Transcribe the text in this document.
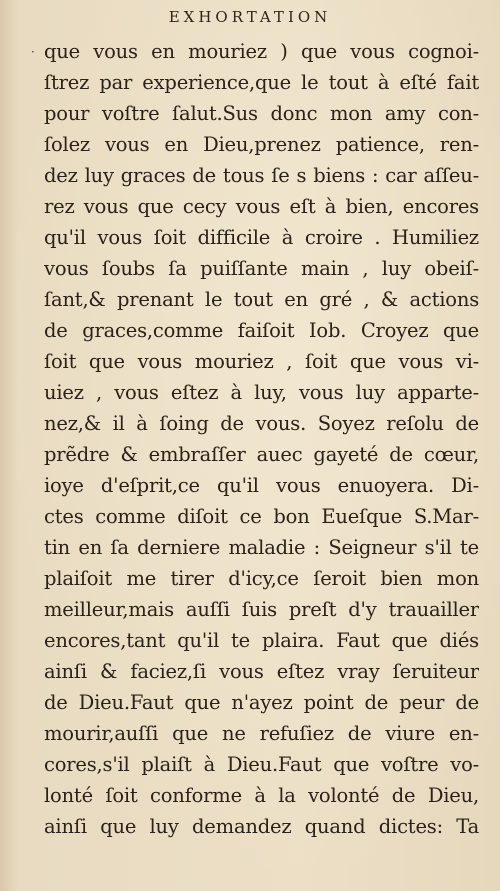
EXHORTATION
· que vous en mouriez ) que vous cognoi-
ſtrez par experience,que le tout à eſté fait
pour voſtre ſalut.Sus donc mon amy con-
ſolez vous en Dieu,prenez patience, ren-
dez luy graces de tous ſe s biens : car aſſeu-
rez vous que cecy vous eſt à bien, encores
qu'il vous ſoit difficile à croire . Humiliez
vous ſoubs ſa puiſſante main , luy obeiſ-
ſant,& prenant le tout en gré , & actions
de graces,comme faiſoit Iob. Croyez que
ſoit que vous mouriez , ſoit que vous vi-
uiez , vous eſtez à luy, vous luy apparte-
nez,& il à ſoing de vous. Soyez reſolu de
prẽdre & embraſſer auec gayeté de cœur,
ioye d'eſprit,ce qu'il vous enuoyera. Di-
ctes comme diſoit ce bon Eueſque S.Mar-
tin en ſa derniere maladie : Seigneur s'il te
plaiſoit me tirer d'icy,ce ſeroit bien mon
meilleur,mais auſſi ſuis preſt d'y trauailler
encores,tant qu'il te plaira. Faut que diés
ainſi & faciez,ſi vous eſtez vray ſeruiteur
de Dieu.Faut que n'ayez point de peur de
mourir,auſſi que ne refuſiez de viure en-
cores,s'il plaiſt à Dieu.Faut que voſtre vo-
lonté ſoit conforme à la volonté de Dieu,
ainſi que luy demandez quand dictes: Ta
